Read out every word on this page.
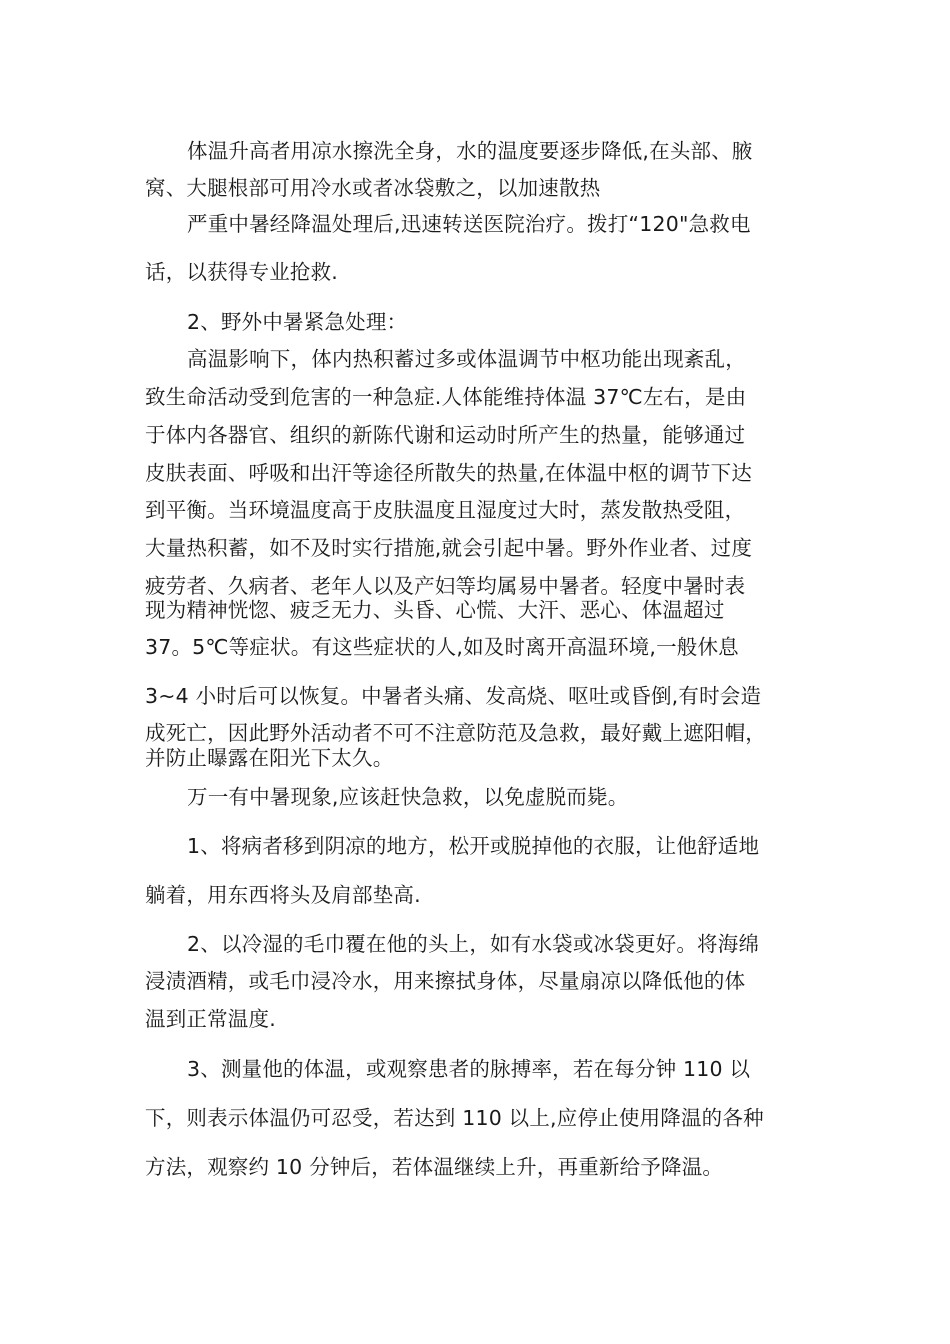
体温升高者用凉水擦洗全身，水的温度要逐步降低,在头部、腋
窝、大腿根部可用冷水或者冰袋敷之，以加速散热
严重中暑经降温处理后,迅速转送医院治疗。拨打“120"急救电
话，以获得专业抢救.
2、野外中暑紧急处理：
高温影响下，体内热积蓄过多或体温调节中枢功能出现紊乱，
致生命活动受到危害的一种急症.人体能维持体温 37℃左右，是由
于体内各器官、组织的新陈代谢和运动时所产生的热量，能够通过
皮肤表面、呼吸和出汗等途径所散失的热量,在体温中枢的调节下达
到平衡。当环境温度高于皮肤温度且湿度过大时，蒸发散热受阻，
大量热积蓄，如不及时实行措施,就会引起中暑。野外作业者、过度
疲劳者、久病者、老年人以及产妇等均属易中暑者。轻度中暑时表
现为精神恍惚、疲乏无力、头昏、心慌、大汗、恶心、体温超过
37。5℃等症状。有这些症状的人,如及时离开高温环境,一般休息
3~4 小时后可以恢复。中暑者头痛、发高烧、呕吐或昏倒,有时会造
成死亡，因此野外活动者不可不注意防范及急救，最好戴上遮阳帽，
并防止曝露在阳光下太久。
万一有中暑现象,应该赶快急救，以免虚脱而毙。
1、将病者移到阴凉的地方，松开或脱掉他的衣服，让他舒适地
躺着，用东西将头及肩部垫高.
2、以冷湿的毛巾覆在他的头上，如有水袋或冰袋更好。将海绵
浸渍酒精，或毛巾浸冷水，用来擦拭身体，尽量扇凉以降低他的体
温到正常温度.
3、测量他的体温，或观察患者的脉搏率，若在每分钟 110 以
下，则表示体温仍可忍受，若达到 110 以上,应停止使用降温的各种
方法，观察约 10 分钟后，若体温继续上升，再重新给予降温。
